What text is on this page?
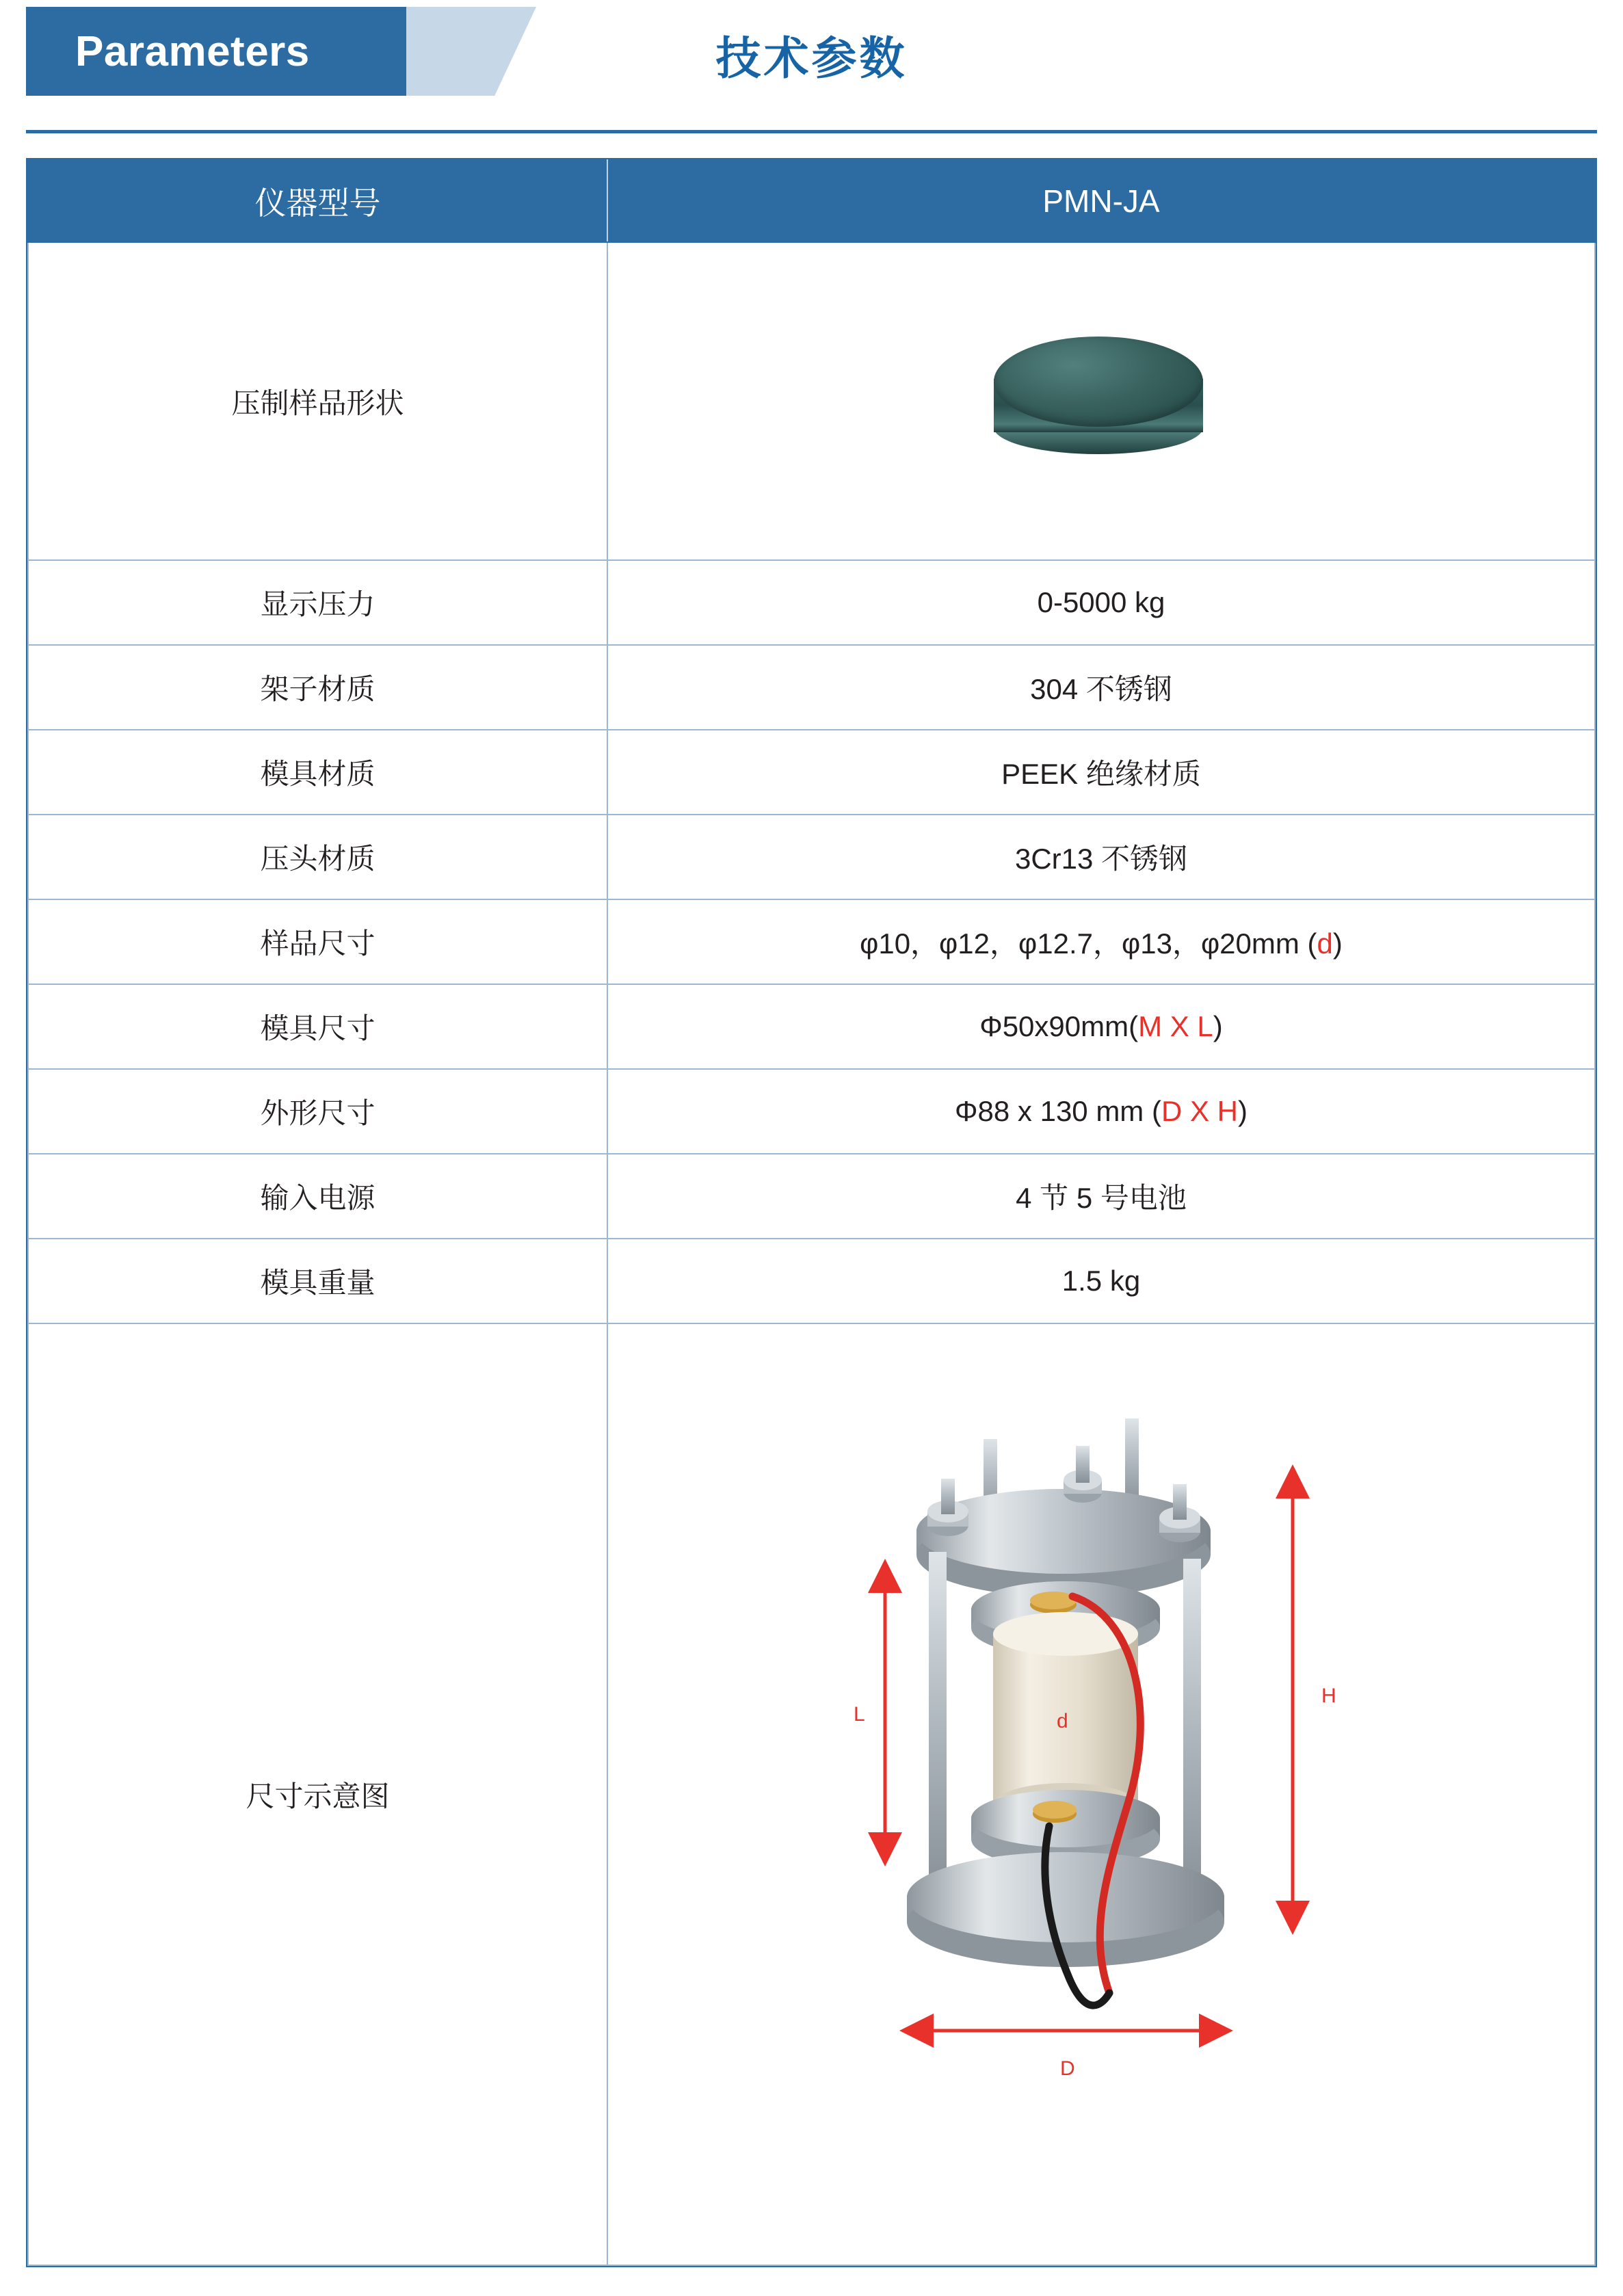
Parameters	技术参数
仪器型号	PMN-JA
压制样品形状	

显示压力	0-5000 kg
架子材质	304 不锈钢
模具材质	PEEK 绝缘材质
压头材质	3Cr13 不锈钢
样品尺寸	φ10，φ12，φ12.7，φ13，φ20mm (d)
模具尺寸	Φ50x90mm(M X L)
外形尺寸	Φ88 x 130 mm (D X H)
输入电源	4 节 5 号电池
模具重量	1.5 kg
尺寸示意图	H
L
D
d
